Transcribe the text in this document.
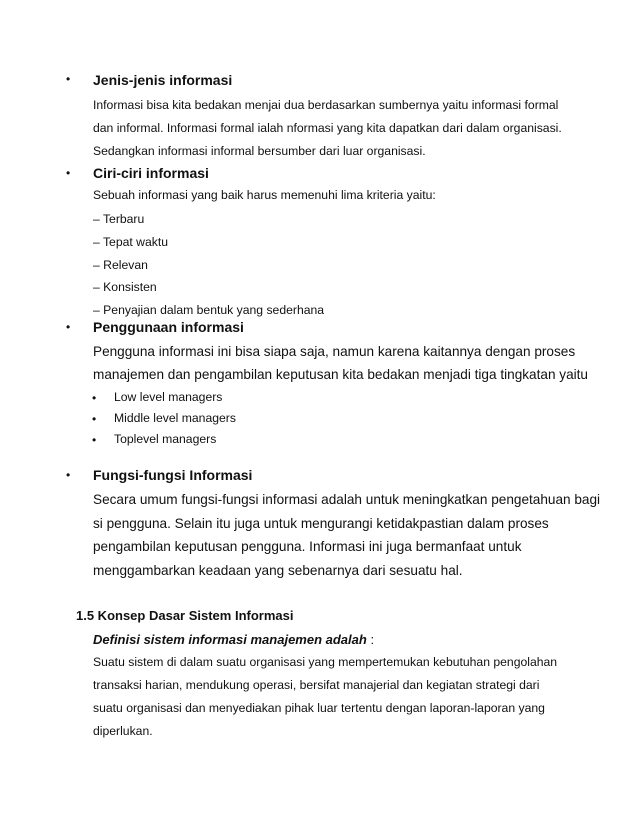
• Jenis-jenis informasi
Informasi bisa kita bedakan menjai dua berdasarkan sumbernya yaitu informasi formal
dan informal. Informasi formal ialah nformasi yang kita dapatkan dari dalam organisasi.
Sedangkan informasi informal bersumber dari luar organisasi.
• Ciri-ciri informasi
Sebuah informasi yang baik harus memenuhi lima kriteria yaitu:
– Terbaru
– Tepat waktu
– Relevan
– Konsisten
– Penyajian dalam bentuk yang sederhana
• Penggunaan informasi
Pengguna informasi ini bisa siapa saja, namun karena kaitannya dengan proses
manajemen dan pengambilan keputusan kita bedakan menjadi tiga tingkatan yaitu
• Low level managers
• Middle level managers
• Toplevel managers
• Fungsi-fungsi Informasi
Secara umum fungsi-fungsi informasi adalah untuk meningkatkan pengetahuan bagi
si pengguna. Selain itu juga untuk mengurangi ketidakpastian dalam proses
pengambilan keputusan pengguna. Informasi ini juga bermanfaat untuk
menggambarkan keadaan yang sebenarnya dari sesuatu hal.
1.5 Konsep Dasar Sistem Informasi
Definisi sistem informasi manajemen adalah :
Suatu sistem di dalam suatu organisasi yang mempertemukan kebutuhan pengolahan
transaksi harian, mendukung operasi, bersifat manajerial dan kegiatan strategi dari
suatu organisasi dan menyediakan pihak luar tertentu dengan laporan-laporan yang
diperlukan.
